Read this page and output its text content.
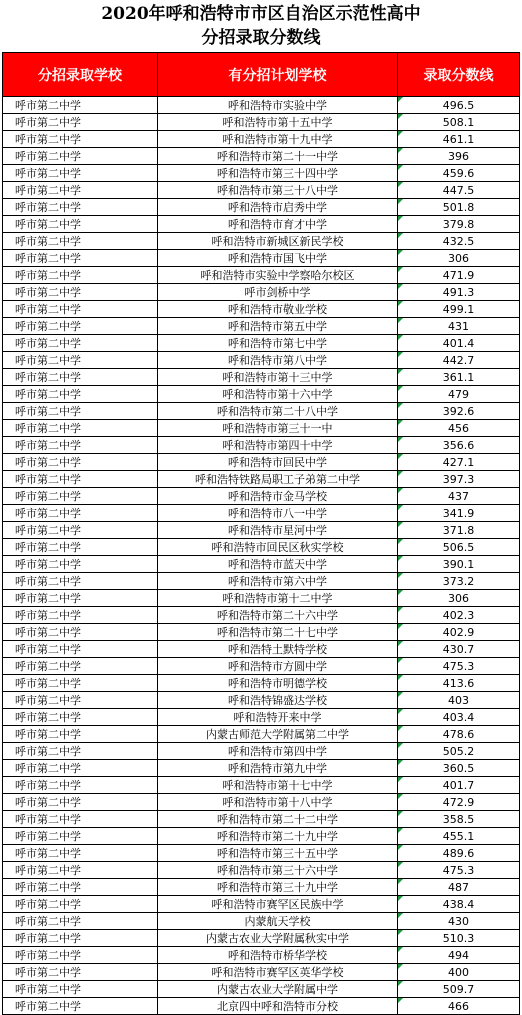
2020年呼和浩特市市区自治区示范性高中
分招录取分数线
分招录取学校	有分招计划学校	录取分数线
呼市第二中学	呼和浩特市实验中学	496.5
呼市第二中学	呼和浩特市第十五中学	508.1
呼市第二中学	呼和浩特市第十九中学	461.1
呼市第二中学	呼和浩特市第二十一中学	396
呼市第二中学	呼和浩特市第三十四中学	459.6
呼市第二中学	呼和浩特市第三十八中学	447.5
呼市第二中学	呼和浩特市启秀中学	501.8
呼市第二中学	呼和浩特市育才中学	379.8
呼市第二中学	呼和浩特市新城区新民学校	432.5
呼市第二中学	呼和浩特市国飞中学	306
呼市第二中学	呼和浩特市实验中学察哈尔校区	471.9
呼市第二中学	呼市剑桥中学	491.3
呼市第二中学	呼和浩特市敬业学校	499.1
呼市第二中学	呼和浩特市第五中学	431
呼市第二中学	呼和浩特市第七中学	401.4
呼市第二中学	呼和浩特市第八中学	442.7
呼市第二中学	呼和浩特市第十三中学	361.1
呼市第二中学	呼和浩特市第十六中学	479
呼市第二中学	呼和浩特市第二十八中学	392.6
呼市第二中学	呼和浩特市第三十一中	456
呼市第二中学	呼和浩特市第四十中学	356.6
呼市第二中学	呼和浩特市回民中学	427.1
呼市第二中学	呼和浩特铁路局职工子弟第二中学	397.3
呼市第二中学	呼和浩特市金马学校	437
呼市第二中学	呼和浩特市八一中学	341.9
呼市第二中学	呼和浩特市星河中学	371.8
呼市第二中学	呼和浩特市回民区秋实学校	506.5
呼市第二中学	呼和浩特市蓝天中学	390.1
呼市第二中学	呼和浩特市第六中学	373.2
呼市第二中学	呼和浩特市第十二中学	306
呼市第二中学	呼和浩特市第二十六中学	402.3
呼市第二中学	呼和浩特市第二十七中学	402.9
呼市第二中学	呼和浩特土默特学校	430.7
呼市第二中学	呼和浩特市方圆中学	475.3
呼市第二中学	呼和浩特市明德学校	413.6
呼市第二中学	呼和浩特锦盛达学校	403
呼市第二中学	呼和浩特开来中学	403.4
呼市第二中学	内蒙古师范大学附属第二中学	478.6
呼市第二中学	呼和浩特市第四中学	505.2
呼市第二中学	呼和浩特市第九中学	360.5
呼市第二中学	呼和浩特市第十七中学	401.7
呼市第二中学	呼和浩特市第十八中学	472.9
呼市第二中学	呼和浩特市第二十二中学	358.5
呼市第二中学	呼和浩特市第二十九中学	455.1
呼市第二中学	呼和浩特市第三十五中学	489.6
呼市第二中学	呼和浩特市第三十六中学	475.3
呼市第二中学	呼和浩特市第三十九中学	487
呼市第二中学	呼和浩特市赛罕区民族中学	438.4
呼市第二中学	内蒙航天学校	430
呼市第二中学	内蒙古农业大学附属秋实中学	510.3
呼市第二中学	呼和浩特市桥华学校	494
呼市第二中学	呼和浩特市赛罕区英华学校	400
呼市第二中学	内蒙古农业大学附属中学	509.7
呼市第二中学	北京四中呼和浩特市分校	466
